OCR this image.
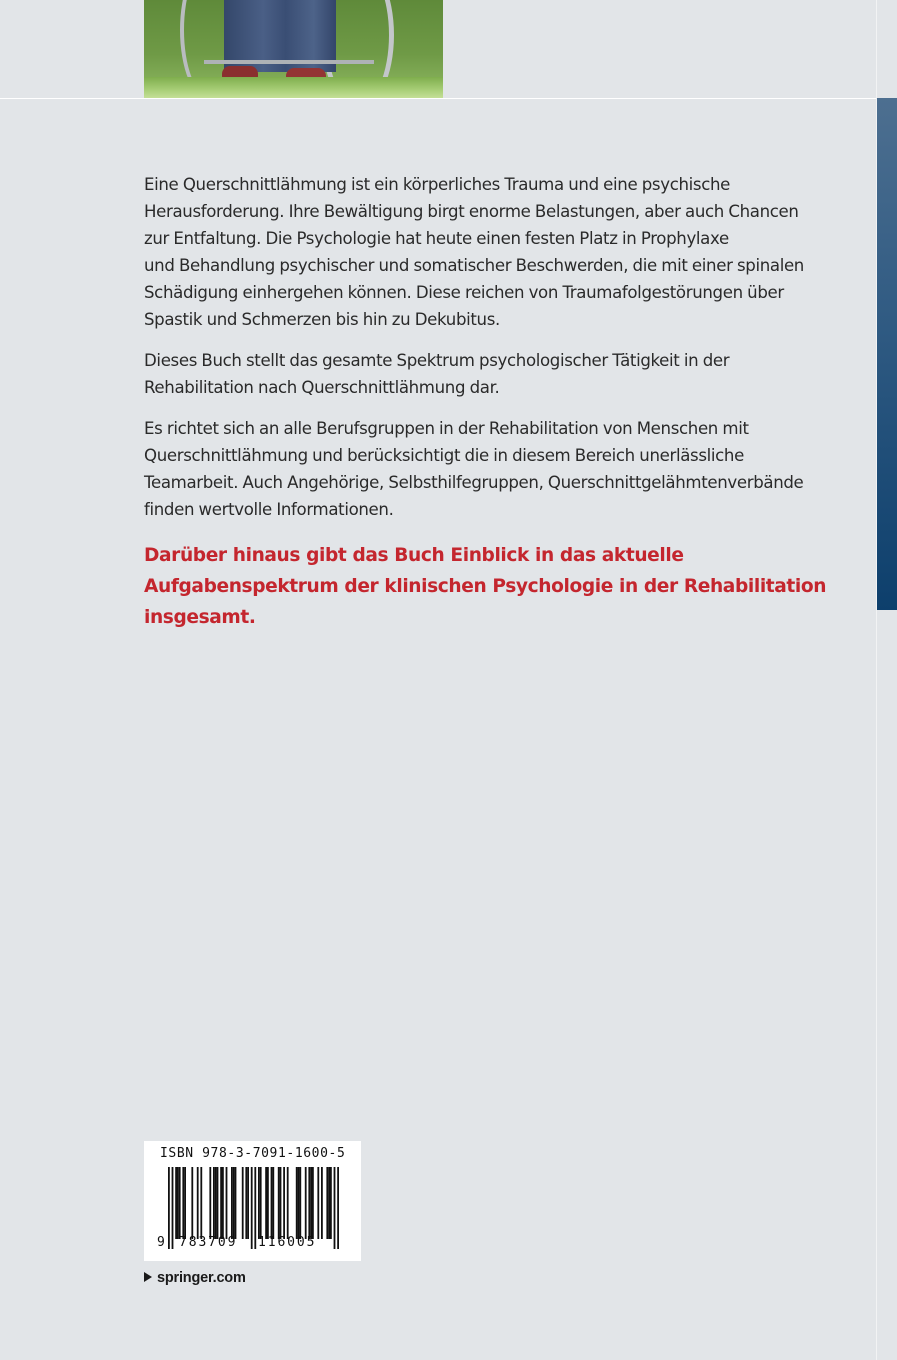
Eine Querschnittlähmung ist ein körperliches Trauma und eine psychische
Herausforderung. Ihre Bewältigung birgt enorme Belastungen, aber auch Chancen
zur Entfaltung. Die Psychologie hat heute einen festen Platz in Prophylaxe
und Behandlung psychischer und somatischer Beschwerden, die mit einer spinalen
Schädigung einhergehen können. Diese reichen von Traumafolgestörungen über
Spastik und Schmerzen bis hin zu Dekubitus.

Dieses Buch stellt das gesamte Spektrum psychologischer Tätigkeit in der
Rehabilitation nach Querschnittlähmung dar.

Es richtet sich an alle Berufsgruppen in der Rehabilitation von Menschen mit
Querschnittlähmung und berücksichtigt die in diesem Bereich unerlässliche
Teamarbeit. Auch Angehörige, Selbsthilfegruppen, Querschnittgelähmtenverbände
finden wertvolle Informationen.

Darüber hinaus gibt das Buch Einblick in das aktuelle
Aufgabenspektrum der klinischen Psychologie in der Rehabilitation
insgesamt.
ISBN 978-3-7091-1600-5
9 783709 116005
springer.com
